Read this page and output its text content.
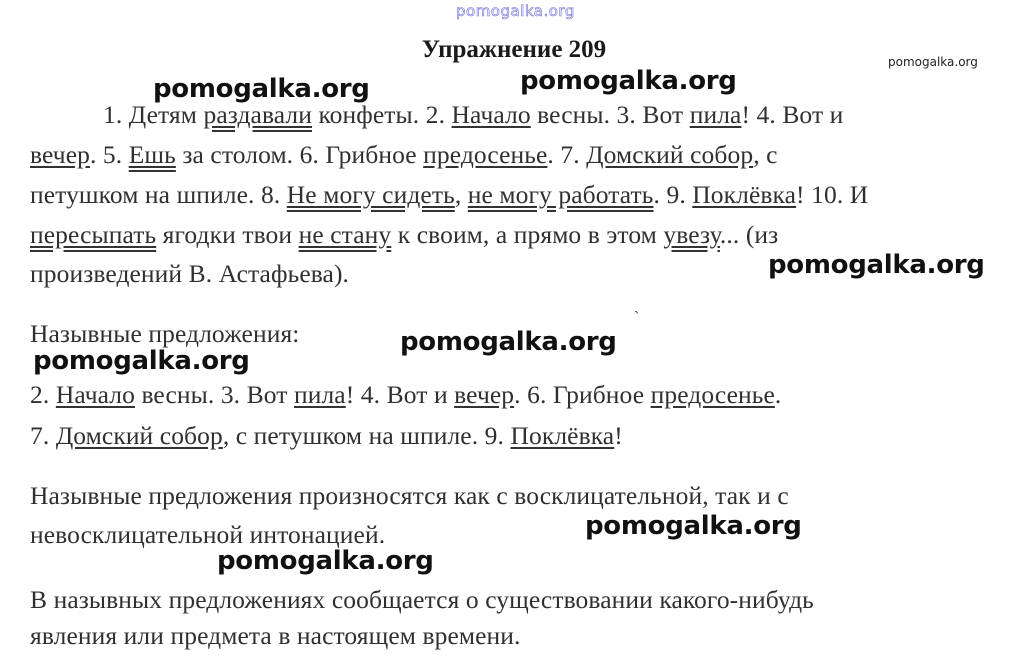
pomogalka.org
pomogalka.org
Упражнение 209
1. Детям раздавали конфеты. 2. Начало весны. 3. Вот пила! 4. Вот и
вечер. 5. Ешь за столом. 6. Грибное предосенье. 7. Домский собор, с
петушком на шпиле. 8. Не могу сидеть, не могу работать. 9. Поклёвка! 10. И
пересыпать ягодки твои не стану к своим, а прямо в этом увезу... (из
произведений В. Астафьева).
Назывные предложения:
`
2. Начало весны. 3. Вот пила! 4. Вот и вечер. 6. Грибное предосенье.
7. Домский собор, с петушком на шпиле. 9. Поклёвка!
Назывные предложения произносятся как с восклицательной, так и с
невосклицательной интонацией.
В назывных предложениях сообщается о существовании какого-нибудь
явления или предмета в настоящем времени.
pomogalka.org	pomogalka.org
pomogalka.org
pomogalka.org
pomogalka.org
pomogalka.org
pomogalka.org
